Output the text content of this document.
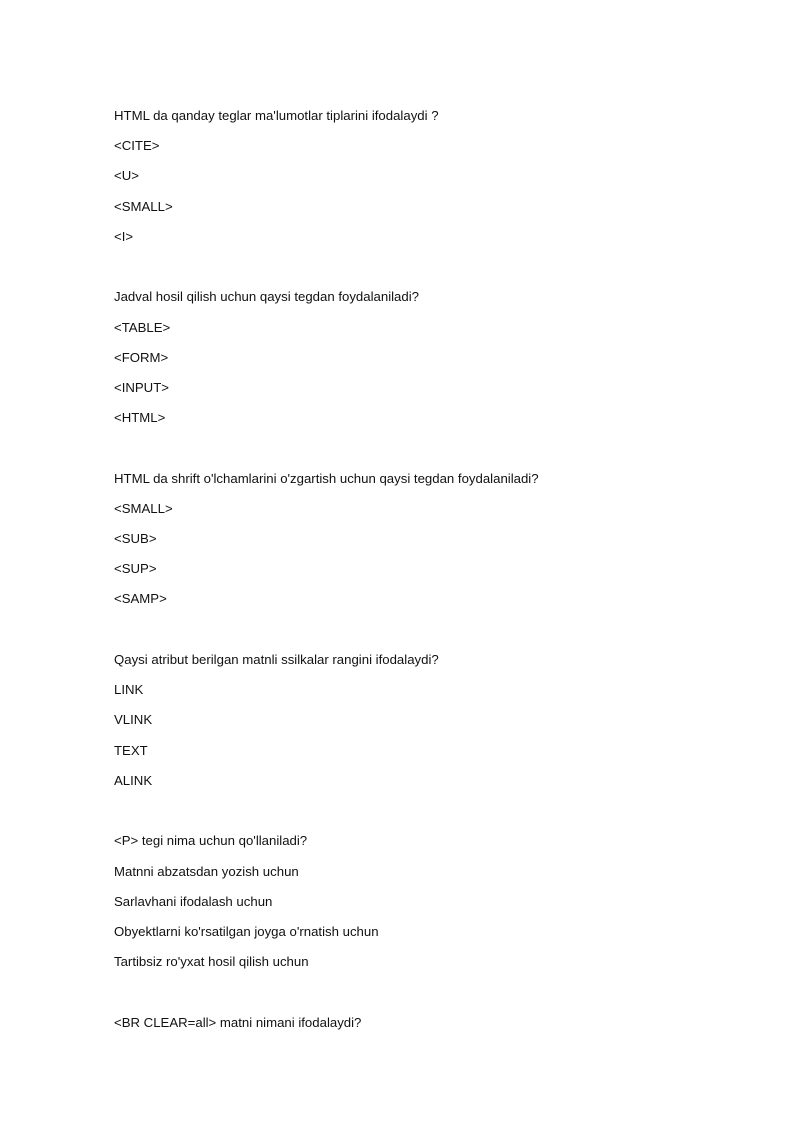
HTML da qanday teglar ma'lumotlar tiplarini ifodalaydi ?
<CITE>
<U>
<SMALL>
<I>
Jadval hosil qilish uchun qaysi tegdan foydalaniladi?
<TABLE>
<FORM>
<INPUT>
<HTML>
HTML da shrift o'lchamlarini o'zgartish uchun qaysi tegdan foydalaniladi?
<SMALL>
<SUB>
<SUP>
<SAMP>
Qaysi atribut berilgan matnli ssilkalar rangini ifodalaydi?
LINK
VLINK
TEXT
ALINK
<P> tegi nima uchun qo'llaniladi?
Matnni abzatsdan yozish uchun
Sarlavhani ifodalash uchun
Obyektlarni ko'rsatilgan joyga o'rnatish uchun
Tartibsiz ro'yxat hosil qilish uchun
<BR CLEAR=all> matni nimani ifodalaydi?
